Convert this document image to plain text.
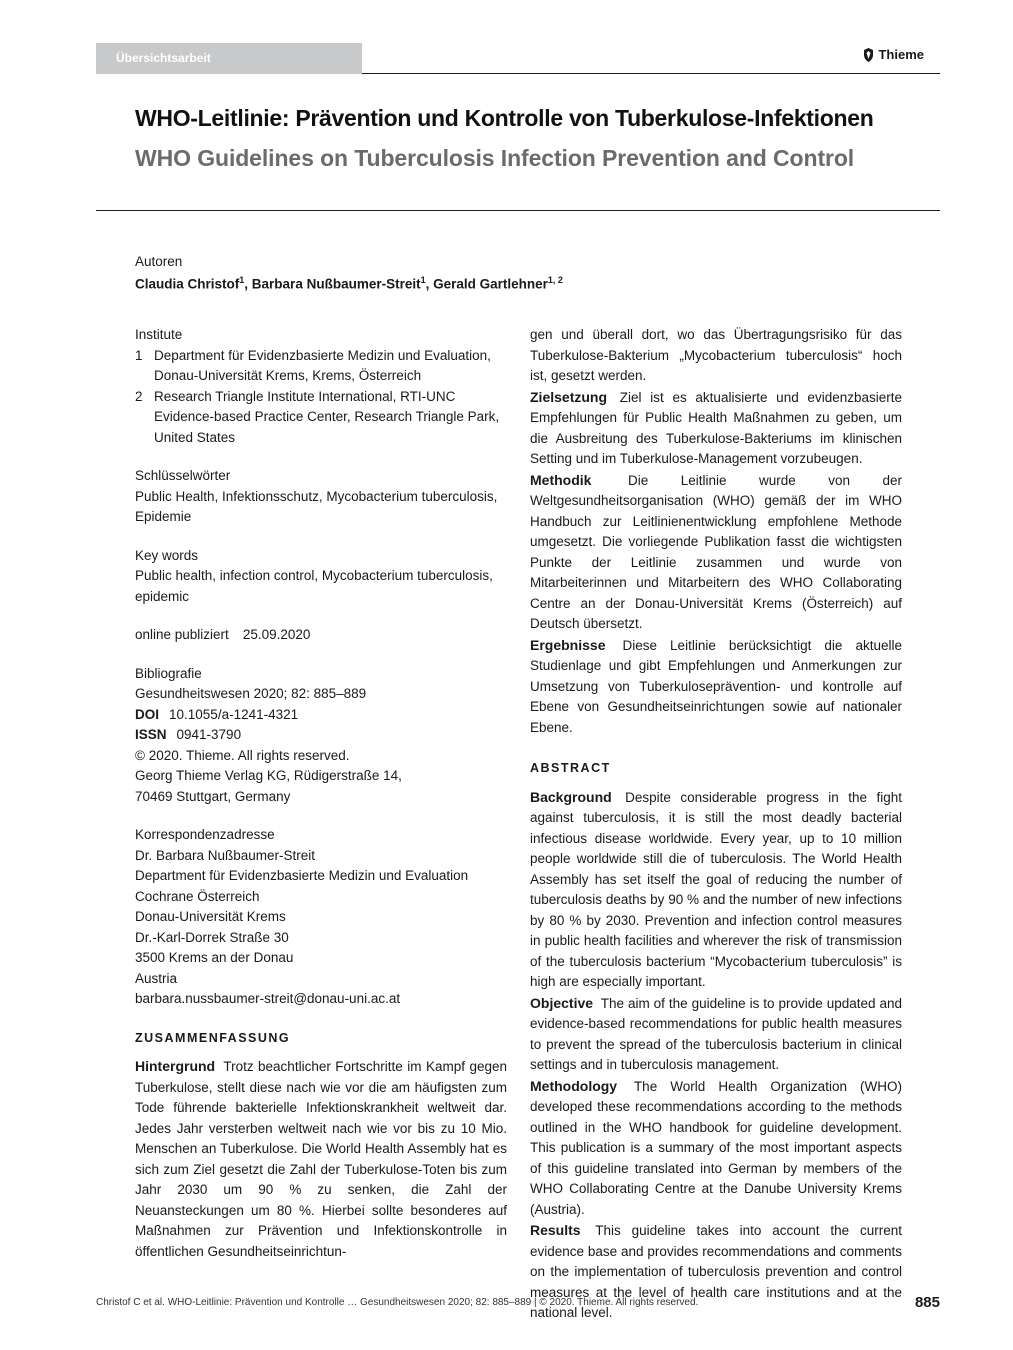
Übersichtsarbeit	Thieme
WHO-Leitlinie: Prävention und Kontrolle von Tuberkulose-Infektionen
WHO Guidelines on Tuberculosis Infection Prevention and Control
Autoren
Claudia Christof$^1$, Barbara Nußbaumer-Streit$^1$, Gerald Gartlehner$^{1, 2}$
Institute
1 Department für Evidenzbasierte Medizin und Evaluation, Donau-Universität Krems, Krems, Österreich
2 Research Triangle Institute International, RTI-UNC Evidence-based Practice Center, Research Triangle Park, United States
Schlüsselwörter
Public Health, Infektionsschutz, Mycobacterium tuberculosis, Epidemie
Key words
Public health, infection control, Mycobacterium tuberculosis, epidemic
online publiziert 25.09.2020
Bibliografie
Gesundheitswesen 2020; 82: 885–889
DOI 10.1055/a-1241-4321
ISSN 0941-3790
© 2020. Thieme. All rights reserved.
Georg Thieme Verlag KG, Rüdigerstraße 14,
70469 Stuttgart, Germany
Korrespondenzadresse
Dr. Barbara Nußbaumer-Streit
Department für Evidenzbasierte Medizin und Evaluation
Cochrane Österreich
Donau-Universität Krems
Dr.-Karl-Dorrek Straße 30
3500 Krems an der Donau
Austria
barbara.nussbaumer-streit@donau-uni.ac.at
ZUSAMMENFASSUNG

Hintergrund Trotz beachtlicher Fortschritte im Kampf gegen Tuberkulose, stellt diese nach wie vor die am häufigsten zum Tode führende bakterielle Infektionskrankheit weltweit dar. Jedes Jahr versterben weltweit nach wie vor bis zu 10 Mio. Menschen an Tuberkulose. Die World Health Assembly hat es sich zum Ziel gesetzt die Zahl der Tuberkulose-Toten bis zum Jahr 2030 um 90 % zu senken, die Zahl der Neuansteckungen um 80 %. Hierbei sollte besonderes auf Maßnahmen zur Prävention und Infektionskontrolle in öffentlichen Gesundheitseinrichtun-

gen und überall dort, wo das Übertragungsrisiko für das Tuberkulose-Bakterium „Mycobacterium tuberculosis“ hoch ist, gesetzt werden.

Zielsetzung Ziel ist es aktualisierte und evidenzbasierte Empfehlungen für Public Health Maßnahmen zu geben, um die Ausbreitung des Tuberkulose-Bakteriums im klinischen Setting und im Tuberkulose-Management vorzubeugen.

Methodik	Die Leitlinie wurde von der Weltgesundheitsorganisation (WHO) gemäß der im WHO Handbuch zur Leitlinienentwicklung empfohlene Methode umgesetzt. Die vorliegende Publikation fasst die wichtigsten Punkte der Leitlinie zusammen und wurde von Mitarbeiterinnen und Mitarbeitern des WHO Collaborating Centre an der Donau-Universität Krems (Österreich) auf Deutsch übersetzt.

Ergebnisse Diese Leitlinie berücksichtigt die aktuelle Studienlage und gibt Empfehlungen und Anmerkungen zur Umsetzung von Tuberkuloseprävention- und kontrolle auf Ebene von Gesundheitseinrichtungen sowie auf nationaler Ebene.

ABSTRACT

Background Despite considerable progress in the fight against tuberculosis, it is still the most deadly bacterial infectious disease worldwide. Every year, up to 10 million people worldwide still die of tuberculosis. The World Health Assembly has set itself the goal of reducing the number of tuberculosis deaths by 90 % and the number of new infections by 80 % by 2030. Prevention and infection control measures in public health facilities and wherever the risk of transmission of the tuberculosis bacterium “Mycobacterium tuberculosis” is high are especially important.

Objective The aim of the guideline is to provide updated and evidence-based recommendations for public health measures to prevent the spread of the tuberculosis bacterium in clinical settings and in tuberculosis management.

Methodology The World Health Organization (WHO) developed these recommendations according to the methods outlined in the WHO handbook for guideline development. This publication is a summary of the most important aspects of this guideline translated into German by members of the WHO Collaborating Centre at the Danube University Krems (Austria).

Results This guideline takes into account the current evidence base and provides recommendations and comments on the implementation of tuberculosis prevention and control measures at the level of health care institutions and at the national level.

Christof C et al. WHO-Leitlinie: Prävention und Kontrolle … Gesundheitswesen 2020; 82: 885–889 | © 2020. Thieme. All rights reserved.	885
